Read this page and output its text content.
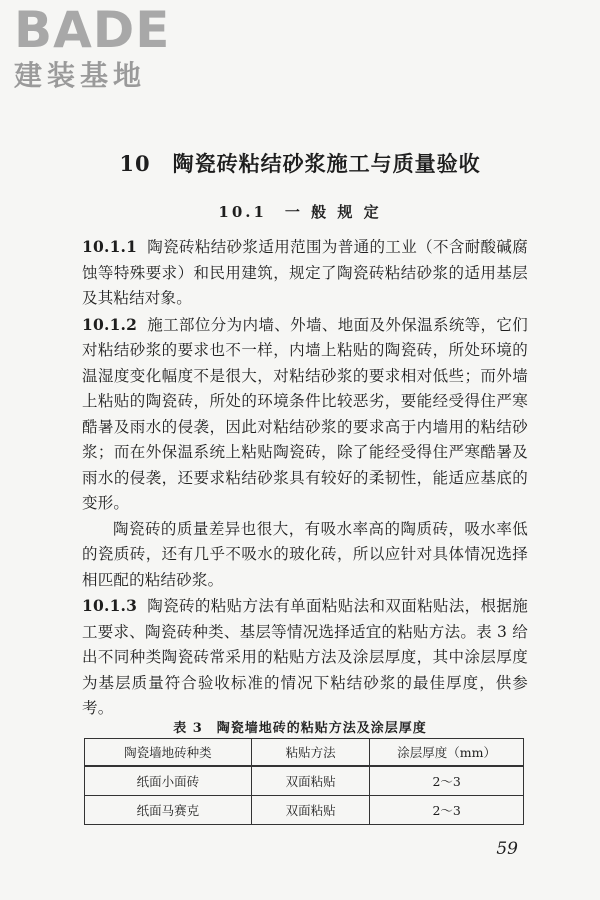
BADE
建装基地
10　陶瓷砖粘结砂浆施工与质量验收
10.1　一 般 规 定

10.1.1 陶瓷砖粘结砂浆适用范围为普通的工业（不含耐酸碱腐蚀等特殊要求）和民用建筑，规定了陶瓷砖粘结砂浆的适用基层及其粘结对象。

10.1.2 施工部位分为内墙、外墙、地面及外保温系统等，它们对粘结砂浆的要求也不一样，内墙上粘贴的陶瓷砖，所处环境的温湿度变化幅度不是很大，对粘结砂浆的要求相对低些；而外墙上粘贴的陶瓷砖，所处的环境条件比较恶劣，要能经受得住严寒酷暑及雨水的侵袭，因此对粘结砂浆的要求高于内墙用的粘结砂浆；而在外保温系统上粘贴陶瓷砖，除了能经受得住严寒酷暑及雨水的侵袭，还要求粘结砂浆具有较好的柔韧性，能适应基底的变形。

陶瓷砖的质量差异也很大，有吸水率高的陶质砖，吸水率低的瓷质砖，还有几乎不吸水的玻化砖，所以应针对具体情况选择相匹配的粘结砂浆。

10.1.3 陶瓷砖的粘贴方法有单面粘贴法和双面粘贴法，根据施工要求、陶瓷砖种类、基层等情况选择适宜的粘贴方法。表 3 给出不同种类陶瓷砖常采用的粘贴方法及涂层厚度，其中涂层厚度为基层质量符合验收标准的情况下粘结砂浆的最佳厚度，供参考。

表 3　陶瓷墙地砖的粘贴方法及涂层厚度
陶瓷墙地砖种类	粘贴方法	涂层厚度（mm）
纸面小面砖	双面粘贴	2～3
纸面马赛克	双面粘贴	2～3
59
